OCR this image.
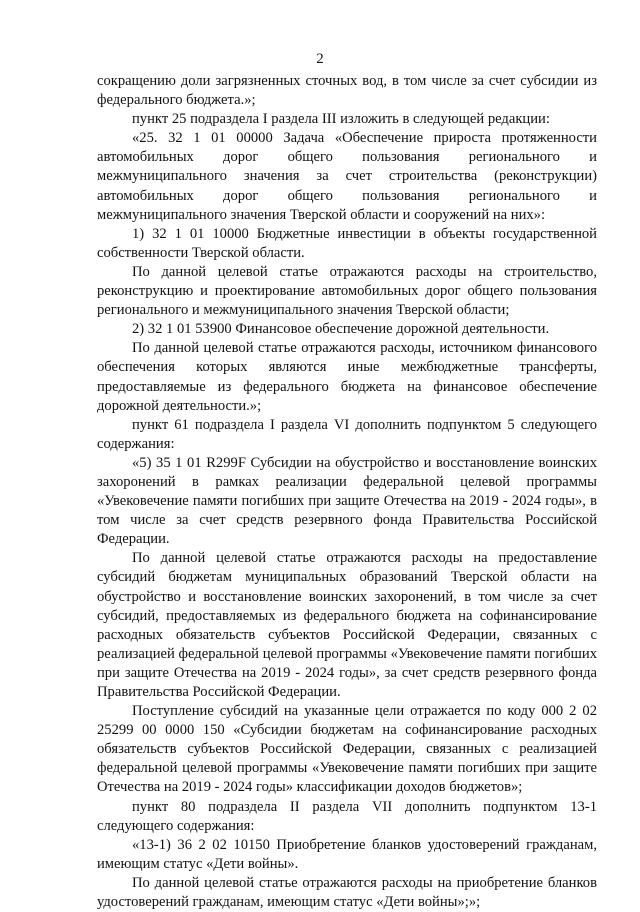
2

сокращению доли загрязненных сточных вод, в том числе за счет субсидии из федерального бюджета.»;

пункт 25 подраздела I раздела III изложить в следующей редакции:

«25. 32 1 01 00000 Задача «Обеспечение прироста протяженности автомобильных дорог общего пользования регионального и межмуниципального значения за счет строительства (реконструкции) автомобильных дорог общего пользования регионального и межмуниципального значения Тверской области и сооружений на них»:

1) 32 1 01 10000 Бюджетные инвестиции в объекты государственной собственности Тверской области.

По данной целевой статье отражаются расходы на строительство, реконструкцию и проектирование автомобильных дорог общего пользования регионального и межмуниципального значения Тверской области;

2) 32 1 01 53900 Финансовое обеспечение дорожной деятельности.

По данной целевой статье отражаются расходы, источником финансового обеспечения которых являются иные межбюджетные трансферты, предоставляемые из федерального бюджета на финансовое обеспечение дорожной деятельности.»;

пункт 61 подраздела I раздела VI дополнить подпунктом 5 следующего содержания:

«5) 35 1 01 R299F Субсидии на обустройство и восстановление воинских захоронений в рамках реализации федеральной целевой программы «Увековечение памяти погибших при защите Отечества на 2019 - 2024 годы», в том числе за счет средств резервного фонда Правительства Российской Федерации.

По данной целевой статье отражаются расходы на предоставление субсидий бюджетам муниципальных образований Тверской области на обустройство и восстановление воинских захоронений, в том числе за счет субсидий, предоставляемых из федерального бюджета на софинансирование расходных обязательств субъектов Российской Федерации, связанных с реализацией федеральной целевой программы «Увековечение памяти погибших при защите Отечества на 2019 - 2024 годы», за счет средств резервного фонда Правительства Российской Федерации.

Поступление субсидий на указанные цели отражается по коду 000 2 02 25299 00 0000 150 «Субсидии бюджетам на софинансирование расходных обязательств субъектов Российской Федерации, связанных с реализацией федеральной целевой программы «Увековечение памяти погибших при защите Отечества на 2019 - 2024 годы» классификации доходов бюджетов»;

пункт 80 подраздела II раздела VII дополнить подпунктом 13-1 следующего содержания:

«13-1) 36 2 02 10150 Приобретение бланков удостоверений гражданам, имеющим статус «Дети войны».

По данной целевой статье отражаются расходы на приобретение бланков удостоверений гражданам, имеющим статус «Дети войны»;»;
